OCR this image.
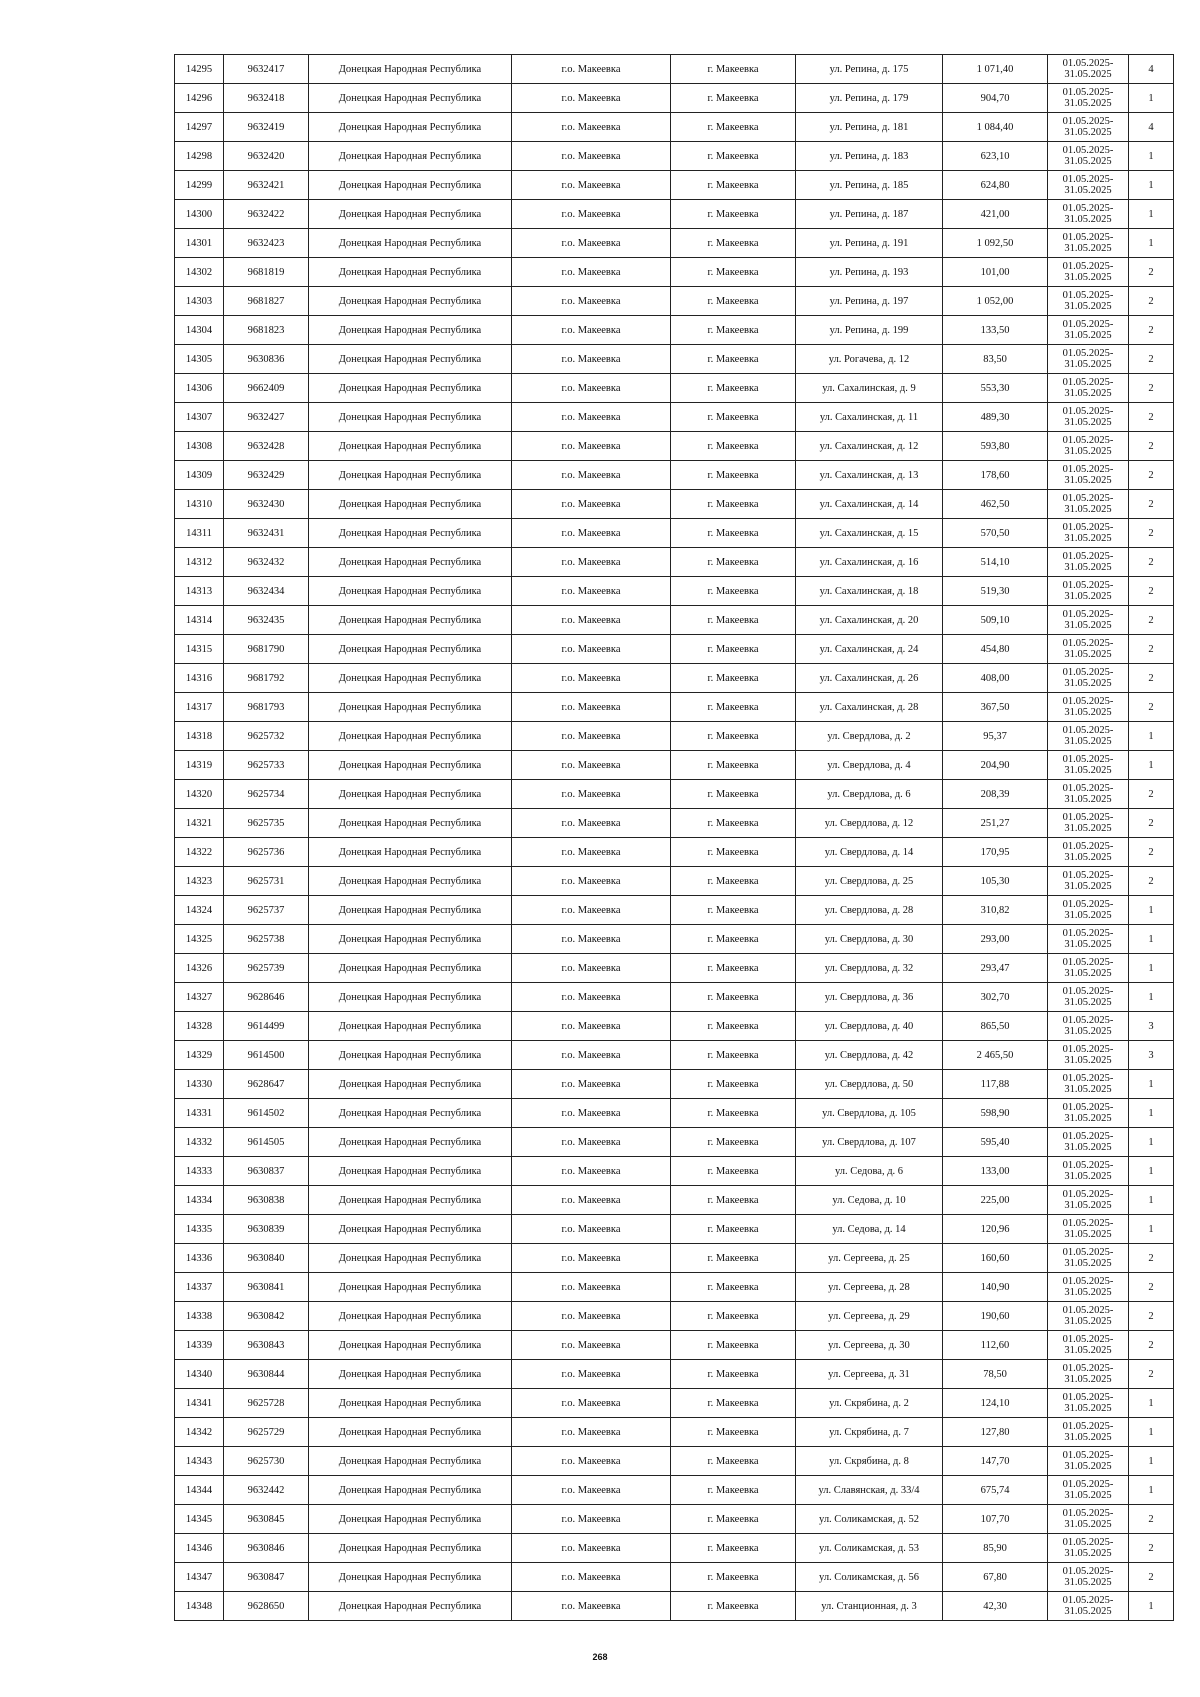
14295	9632417	Донецкая Народная Республика	г.о. Макеевка	г. Макеевка	ул. Репина, д. 175	1 071,40	01.05.2025-
31.05.2025	4
14296	9632418	Донецкая Народная Республика	г.о. Макеевка	г. Макеевка	ул. Репина, д. 179	904,70	01.05.2025-
31.05.2025	1
14297	9632419	Донецкая Народная Республика	г.о. Макеевка	г. Макеевка	ул. Репина, д. 181	1 084,40	01.05.2025-
31.05.2025	4
14298	9632420	Донецкая Народная Республика	г.о. Макеевка	г. Макеевка	ул. Репина, д. 183	623,10	01.05.2025-
31.05.2025	1
14299	9632421	Донецкая Народная Республика	г.о. Макеевка	г. Макеевка	ул. Репина, д. 185	624,80	01.05.2025-
31.05.2025	1
14300	9632422	Донецкая Народная Республика	г.о. Макеевка	г. Макеевка	ул. Репина, д. 187	421,00	01.05.2025-
31.05.2025	1
14301	9632423	Донецкая Народная Республика	г.о. Макеевка	г. Макеевка	ул. Репина, д. 191	1 092,50	01.05.2025-
31.05.2025	1
14302	9681819	Донецкая Народная Республика	г.о. Макеевка	г. Макеевка	ул. Репина, д. 193	101,00	01.05.2025-
31.05.2025	2
14303	9681827	Донецкая Народная Республика	г.о. Макеевка	г. Макеевка	ул. Репина, д. 197	1 052,00	01.05.2025-
31.05.2025	2
14304	9681823	Донецкая Народная Республика	г.о. Макеевка	г. Макеевка	ул. Репина, д. 199	133,50	01.05.2025-
31.05.2025	2
14305	9630836	Донецкая Народная Республика	г.о. Макеевка	г. Макеевка	ул. Рогачева, д. 12	83,50	01.05.2025-
31.05.2025	2
14306	9662409	Донецкая Народная Республика	г.о. Макеевка	г. Макеевка	ул. Сахалинская, д. 9	553,30	01.05.2025-
31.05.2025	2
14307	9632427	Донецкая Народная Республика	г.о. Макеевка	г. Макеевка	ул. Сахалинская, д. 11	489,30	01.05.2025-
31.05.2025	2
14308	9632428	Донецкая Народная Республика	г.о. Макеевка	г. Макеевка	ул. Сахалинская, д. 12	593,80	01.05.2025-
31.05.2025	2
14309	9632429	Донецкая Народная Республика	г.о. Макеевка	г. Макеевка	ул. Сахалинская, д. 13	178,60	01.05.2025-
31.05.2025	2
14310	9632430	Донецкая Народная Республика	г.о. Макеевка	г. Макеевка	ул. Сахалинская, д. 14	462,50	01.05.2025-
31.05.2025	2
14311	9632431	Донецкая Народная Республика	г.о. Макеевка	г. Макеевка	ул. Сахалинская, д. 15	570,50	01.05.2025-
31.05.2025	2
14312	9632432	Донецкая Народная Республика	г.о. Макеевка	г. Макеевка	ул. Сахалинская, д. 16	514,10	01.05.2025-
31.05.2025	2
14313	9632434	Донецкая Народная Республика	г.о. Макеевка	г. Макеевка	ул. Сахалинская, д. 18	519,30	01.05.2025-
31.05.2025	2
14314	9632435	Донецкая Народная Республика	г.о. Макеевка	г. Макеевка	ул. Сахалинская, д. 20	509,10	01.05.2025-
31.05.2025	2
14315	9681790	Донецкая Народная Республика	г.о. Макеевка	г. Макеевка	ул. Сахалинская, д. 24	454,80	01.05.2025-
31.05.2025	2
14316	9681792	Донецкая Народная Республика	г.о. Макеевка	г. Макеевка	ул. Сахалинская, д. 26	408,00	01.05.2025-
31.05.2025	2
14317	9681793	Донецкая Народная Республика	г.о. Макеевка	г. Макеевка	ул. Сахалинская, д. 28	367,50	01.05.2025-
31.05.2025	2
14318	9625732	Донецкая Народная Республика	г.о. Макеевка	г. Макеевка	ул. Свердлова, д. 2	95,37	01.05.2025-
31.05.2025	1
14319	9625733	Донецкая Народная Республика	г.о. Макеевка	г. Макеевка	ул. Свердлова, д. 4	204,90	01.05.2025-
31.05.2025	1
14320	9625734	Донецкая Народная Республика	г.о. Макеевка	г. Макеевка	ул. Свердлова, д. 6	208,39	01.05.2025-
31.05.2025	2
14321	9625735	Донецкая Народная Республика	г.о. Макеевка	г. Макеевка	ул. Свердлова, д. 12	251,27	01.05.2025-
31.05.2025	2
14322	9625736	Донецкая Народная Республика	г.о. Макеевка	г. Макеевка	ул. Свердлова, д. 14	170,95	01.05.2025-
31.05.2025	2
14323	9625731	Донецкая Народная Республика	г.о. Макеевка	г. Макеевка	ул. Свердлова, д. 25	105,30	01.05.2025-
31.05.2025	2
14324	9625737	Донецкая Народная Республика	г.о. Макеевка	г. Макеевка	ул. Свердлова, д. 28	310,82	01.05.2025-
31.05.2025	1
14325	9625738	Донецкая Народная Республика	г.о. Макеевка	г. Макеевка	ул. Свердлова, д. 30	293,00	01.05.2025-
31.05.2025	1
14326	9625739	Донецкая Народная Республика	г.о. Макеевка	г. Макеевка	ул. Свердлова, д. 32	293,47	01.05.2025-
31.05.2025	1
14327	9628646	Донецкая Народная Республика	г.о. Макеевка	г. Макеевка	ул. Свердлова, д. 36	302,70	01.05.2025-
31.05.2025	1
14328	9614499	Донецкая Народная Республика	г.о. Макеевка	г. Макеевка	ул. Свердлова, д. 40	865,50	01.05.2025-
31.05.2025	3
14329	9614500	Донецкая Народная Республика	г.о. Макеевка	г. Макеевка	ул. Свердлова, д. 42	2 465,50	01.05.2025-
31.05.2025	3
14330	9628647	Донецкая Народная Республика	г.о. Макеевка	г. Макеевка	ул. Свердлова, д. 50	117,88	01.05.2025-
31.05.2025	1
14331	9614502	Донецкая Народная Республика	г.о. Макеевка	г. Макеевка	ул. Свердлова, д. 105	598,90	01.05.2025-
31.05.2025	1
14332	9614505	Донецкая Народная Республика	г.о. Макеевка	г. Макеевка	ул. Свердлова, д. 107	595,40	01.05.2025-
31.05.2025	1
14333	9630837	Донецкая Народная Республика	г.о. Макеевка	г. Макеевка	ул. Седова, д. 6	133,00	01.05.2025-
31.05.2025	1
14334	9630838	Донецкая Народная Республика	г.о. Макеевка	г. Макеевка	ул. Седова, д. 10	225,00	01.05.2025-
31.05.2025	1
14335	9630839	Донецкая Народная Республика	г.о. Макеевка	г. Макеевка	ул. Седова, д. 14	120,96	01.05.2025-
31.05.2025	1
14336	9630840	Донецкая Народная Республика	г.о. Макеевка	г. Макеевка	ул. Сергеева, д. 25	160,60	01.05.2025-
31.05.2025	2
14337	9630841	Донецкая Народная Республика	г.о. Макеевка	г. Макеевка	ул. Сергеева, д. 28	140,90	01.05.2025-
31.05.2025	2
14338	9630842	Донецкая Народная Республика	г.о. Макеевка	г. Макеевка	ул. Сергеева, д. 29	190,60	01.05.2025-
31.05.2025	2
14339	9630843	Донецкая Народная Республика	г.о. Макеевка	г. Макеевка	ул. Сергеева, д. 30	112,60	01.05.2025-
31.05.2025	2
14340	9630844	Донецкая Народная Республика	г.о. Макеевка	г. Макеевка	ул. Сергеева, д. 31	78,50	01.05.2025-
31.05.2025	2
14341	9625728	Донецкая Народная Республика	г.о. Макеевка	г. Макеевка	ул. Скрябина, д. 2	124,10	01.05.2025-
31.05.2025	1
14342	9625729	Донецкая Народная Республика	г.о. Макеевка	г. Макеевка	ул. Скрябина, д. 7	127,80	01.05.2025-
31.05.2025	1
14343	9625730	Донецкая Народная Республика	г.о. Макеевка	г. Макеевка	ул. Скрябина, д. 8	147,70	01.05.2025-
31.05.2025	1
14344	9632442	Донецкая Народная Республика	г.о. Макеевка	г. Макеевка	ул. Славянская, д. 33/4	675,74	01.05.2025-
31.05.2025	1
14345	9630845	Донецкая Народная Республика	г.о. Макеевка	г. Макеевка	ул. Соликамская, д. 52	107,70	01.05.2025-
31.05.2025	2
14346	9630846	Донецкая Народная Республика	г.о. Макеевка	г. Макеевка	ул. Соликамская, д. 53	85,90	01.05.2025-
31.05.2025	2
14347	9630847	Донецкая Народная Республика	г.о. Макеевка	г. Макеевка	ул. Соликамская, д. 56	67,80	01.05.2025-
31.05.2025	2
14348	9628650	Донецкая Народная Республика	г.о. Макеевка	г. Макеевка	ул. Станционная, д. 3	42,30	01.05.2025-
31.05.2025	1
268
